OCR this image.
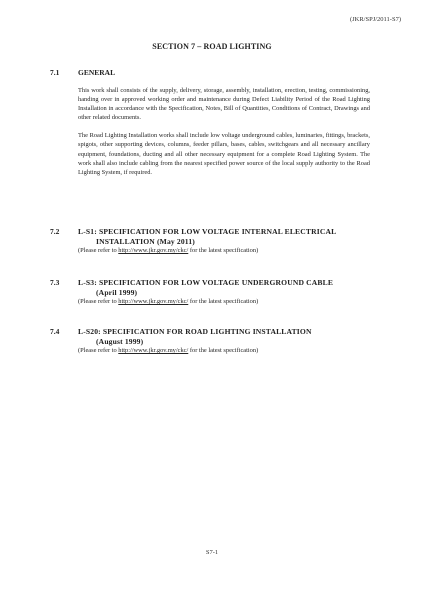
(JKR/SPJ/2011-S7)
SECTION 7 – ROAD LIGHTING
7.1 GENERAL

This work shall consists of the supply, delivery, storage, assembly, installation, erection, testing, commissioning, handing over in approved working order and maintenance during Defect Liability Period of the Road Lighting Installation in accordance with the Specification, Notes, Bill of Quantities, Conditions of Contract, Drawings and other related documents.

The Road Lighting Installation works shall include low voltage underground cables, luminaries, fittings, brackets, spigots, other supporting devices, columns, feeder pillars, bases, cables, switchgears and all necessary ancillary equipment, foundations, ducting and all other necessary equipment for a complete Road Lighting System. The work shall also include cabling from the nearest specified power source of the local supply authority to the Road Lighting System, if required.

7.2 L-S1: SPECIFICATION FOR LOW VOLTAGE INTERNAL ELECTRICAL
INSTALLATION (May 2011)

(Please refer to http://www.jkr.gov.my/ckc/ for the latest specification)

7.3 L-S3: SPECIFICATION FOR LOW VOLTAGE UNDERGROUND CABLE
(April 1999)

(Please refer to http://www.jkr.gov.my/ckc/ for the latest specification)

7.4 L-S20: SPECIFICATION FOR ROAD LIGHTING INSTALLATION
(August 1999)

(Please refer to http://www.jkr.gov.my/ckc/ for the latest specification)

S7-1
